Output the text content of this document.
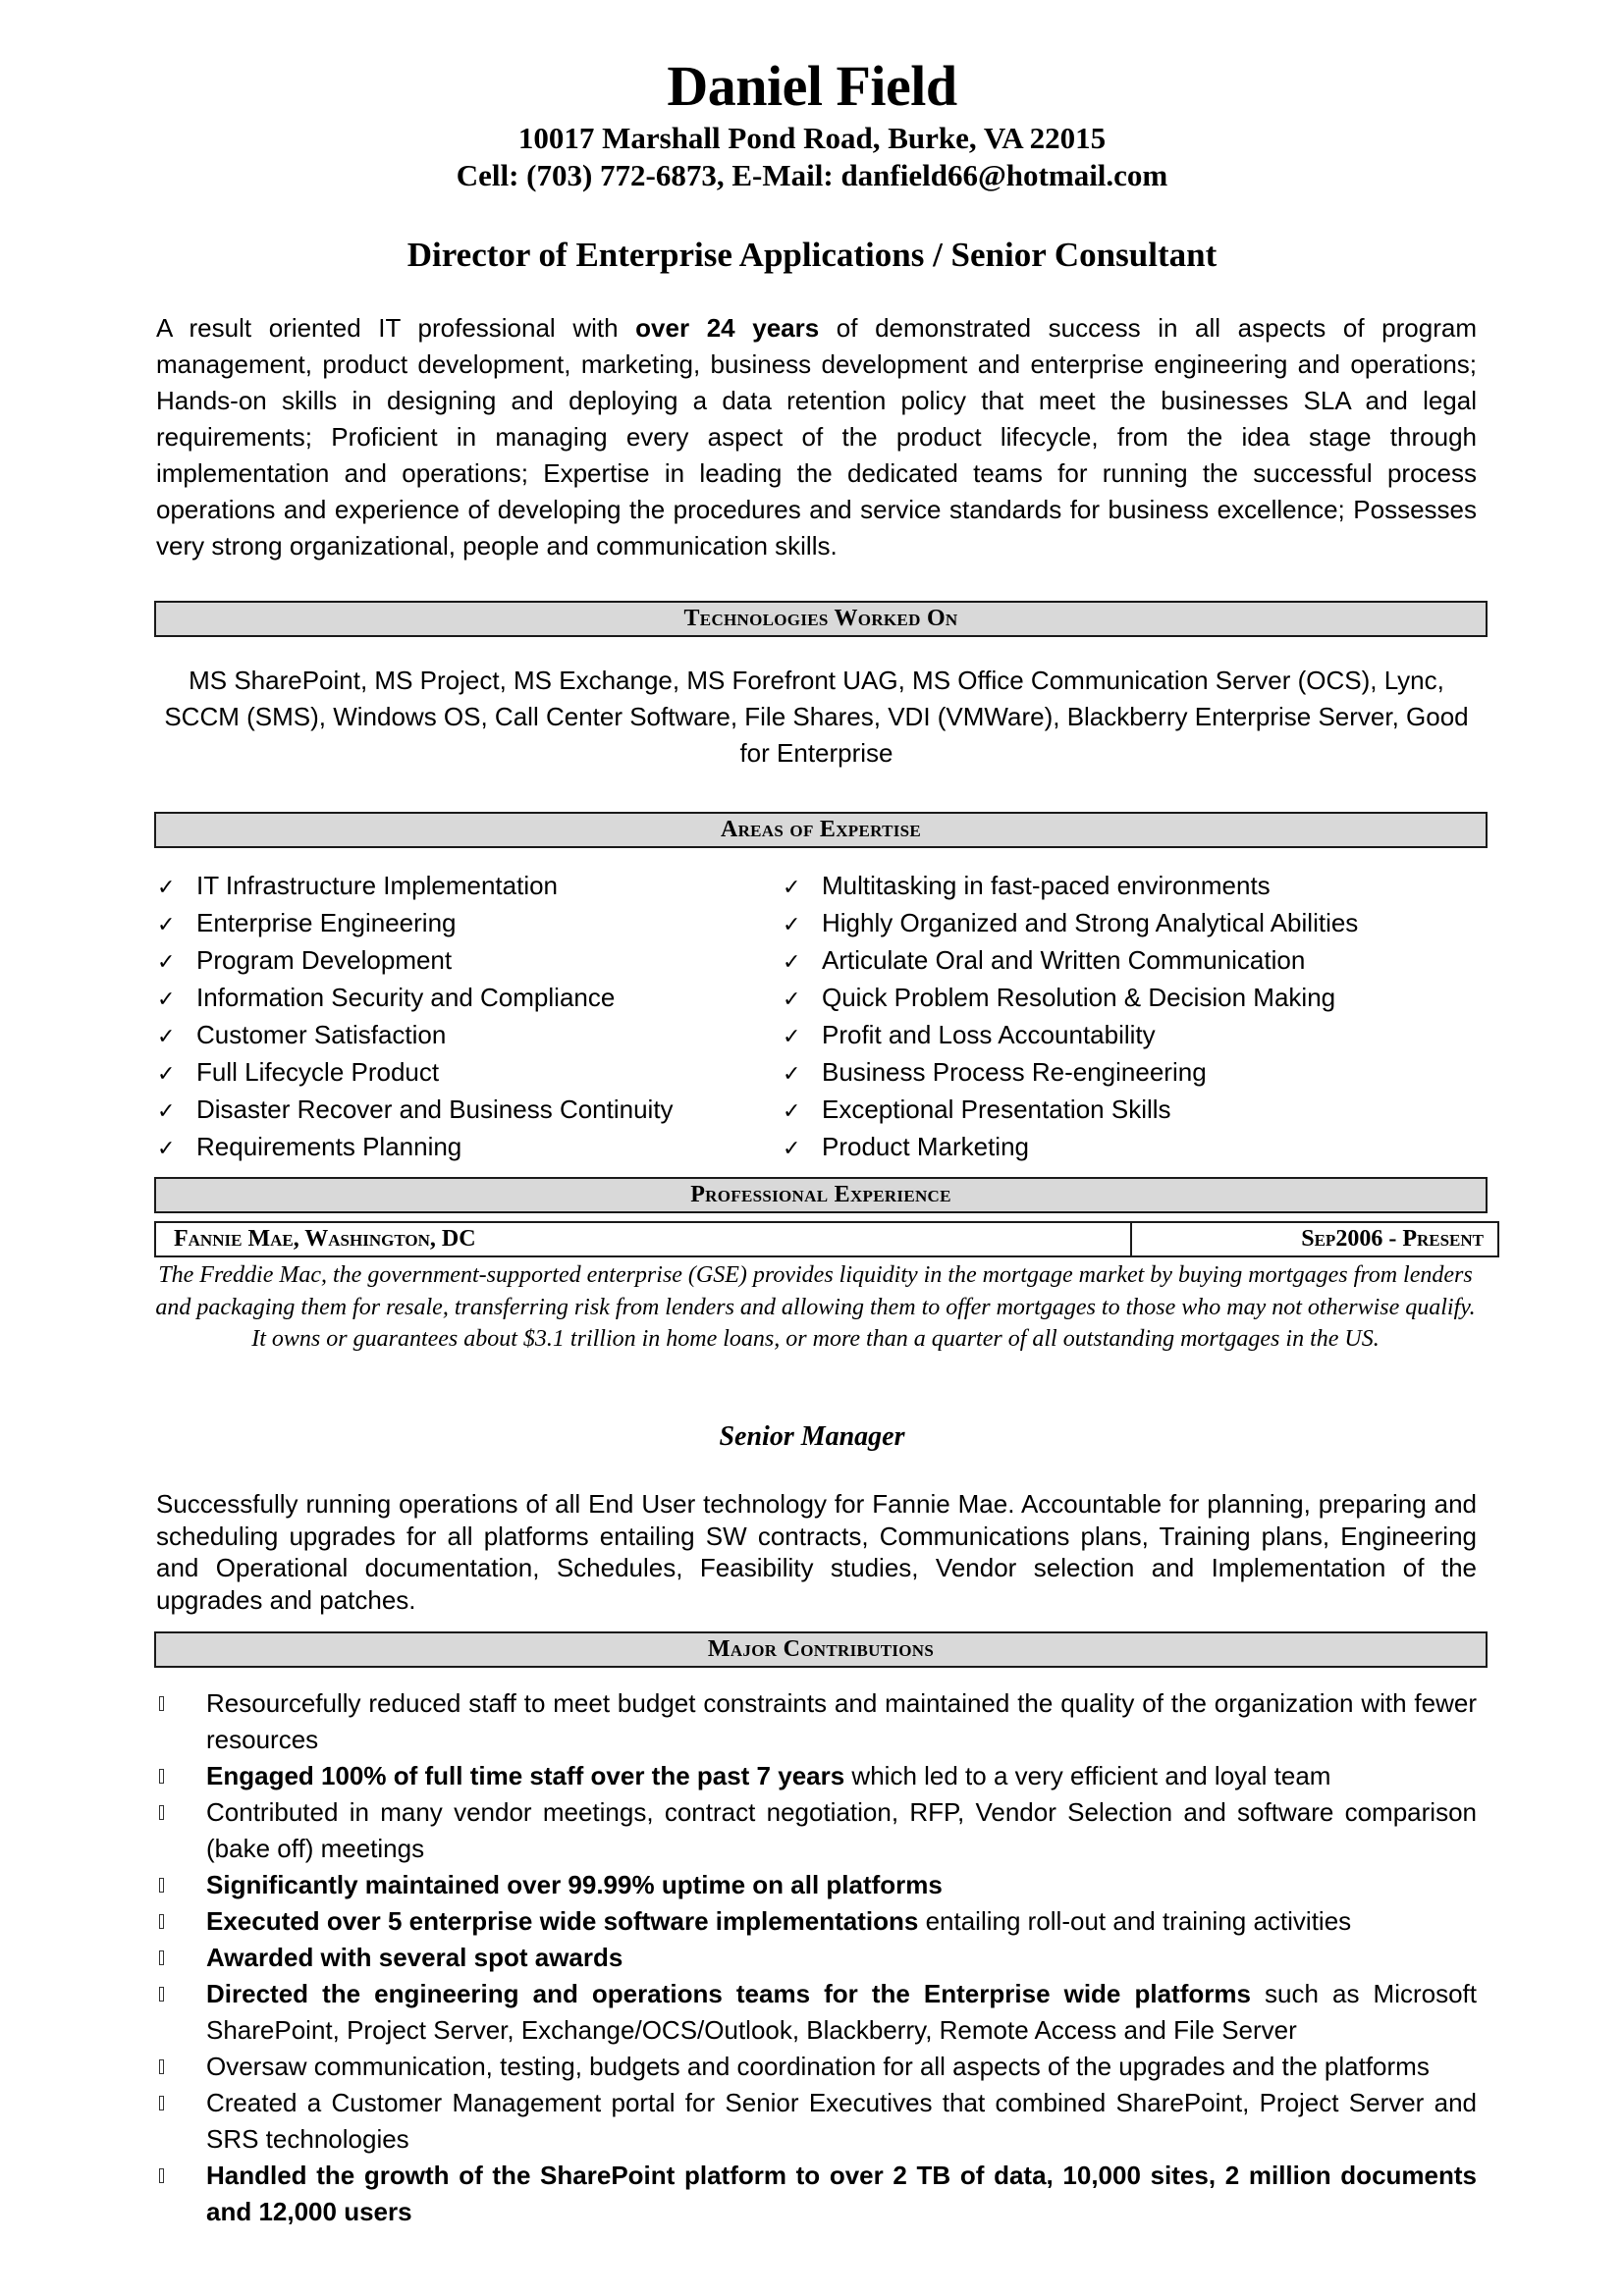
Daniel Field
10017 Marshall Pond Road, Burke, VA 22015
Cell: (703) 772-6873, E-Mail: danfield66@hotmail.com
Director of Enterprise Applications / Senior Consultant

A result oriented IT professional with over 24 years of demonstrated success in all aspects of program management, product development, marketing, business development and enterprise engineering and operations; Hands-on skills in designing and deploying a data retention policy that meet the businesses SLA and legal requirements; Proficient in managing every aspect of the product lifecycle, from the idea stage through implementation and operations; Expertise in leading the dedicated teams for running the successful process operations and experience of developing the procedures and service standards for business excellence; Possesses very strong organizational, people and communication skills.

Technologies Worked On
MS SharePoint, MS Project, MS Exchange, MS Forefront UAG, MS Office Communication Server (OCS), Lync, SCCM (SMS), Windows OS, Call Center Software, File Shares, VDI (VMWare), Blackberry Enterprise Server, Good for Enterprise
Areas of Expertise
✓ IT Infrastructure Implementation
✓ Enterprise Engineering
✓ Program Development
✓ Information Security and Compliance
✓ Customer Satisfaction
✓ Full Lifecycle Product
✓ Disaster Recover and Business Continuity
✓ Requirements Planning
✓ Multitasking in fast-paced environments
✓ Highly Organized and Strong Analytical Abilities
✓ Articulate Oral and Written Communication
✓ Quick Problem Resolution & Decision Making
✓ Profit and Loss Accountability
✓ Business Process Re-engineering
✓ Exceptional Presentation Skills
✓ Product Marketing
Professional Experience
Fannie Mae, Washington, DC	Sep2006 - Present
The Freddie Mac, the government-supported enterprise (GSE) provides liquidity in the mortgage market by buying mortgages from lenders and packaging them for resale, transferring risk from lenders and allowing them to offer mortgages to those who may not otherwise qualify. It owns or guarantees about $3.1 trillion in home loans, or more than a quarter of all outstanding mortgages in the US.
Senior Manager
Successfully running operations of all End User technology for Fannie Mae. Accountable for planning, preparing and scheduling upgrades for all platforms entailing SW contracts, Communications plans, Training plans, Engineering and Operational documentation, Schedules, Feasibility studies, Vendor selection and Implementation of the upgrades and patches.
Major Contributions
Resourcefully reduced staff to meet budget constraints and maintained the quality of the organization with fewer resources
Engaged 100% of full time staff over the past 7 years which led to a very efficient and loyal team
Contributed in many vendor meetings, contract negotiation, RFP, Vendor Selection and software comparison (bake off) meetings
Significantly maintained over 99.99% uptime on all platforms
Executed over 5 enterprise wide software implementations entailing roll-out and training activities
Awarded with several spot awards
Directed the engineering and operations teams for the Enterprise wide platforms such as Microsoft SharePoint, Project Server, Exchange/OCS/Outlook, Blackberry, Remote Access and File Server
Oversaw communication, testing, budgets and coordination for all aspects of the upgrades and the platforms
Created a Customer Management portal for Senior Executives that combined SharePoint, Project Server and SRS technologies
Handled the growth of the SharePoint platform to over 2 TB of data, 10,000 sites, 2 million documents and 12,000 users
